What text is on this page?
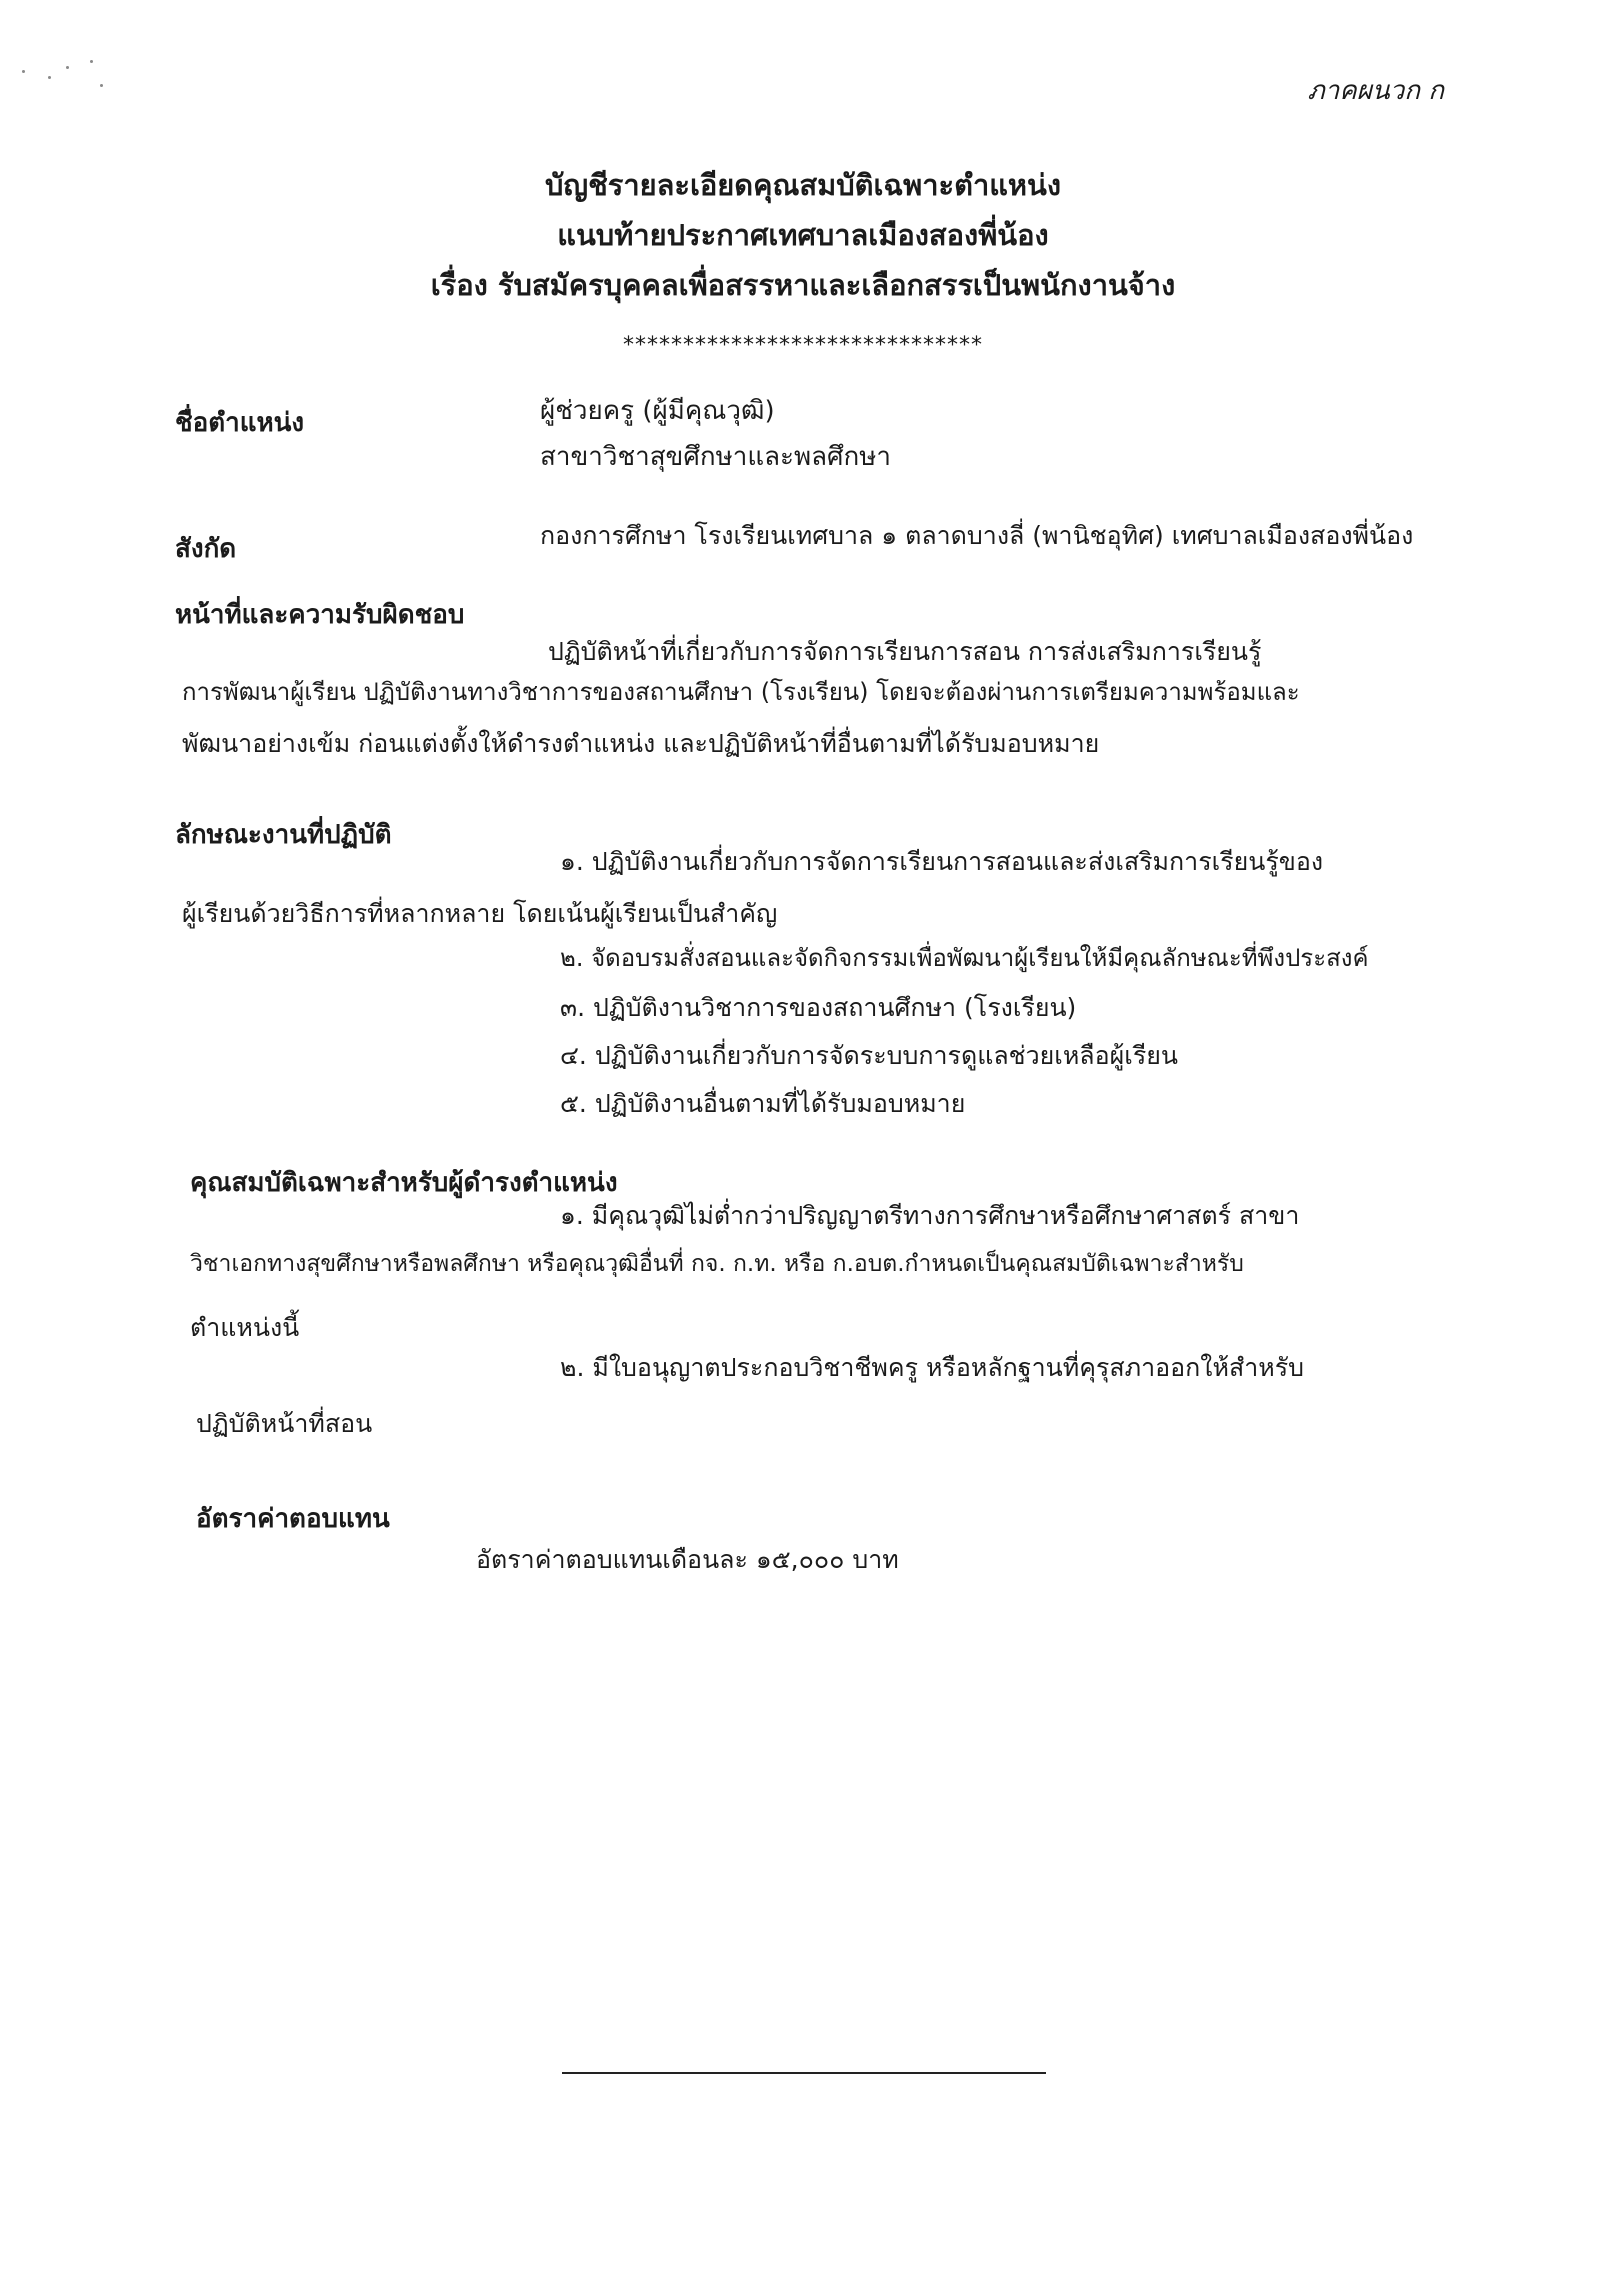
ภาคผนวก ก
บัญชีรายละเอียดคุณสมบัติเฉพาะตำแหน่ง
แนบท้ายประกาศเทศบาลเมืองสองพี่น้อง
เรื่อง รับสมัครบุคคลเพื่อสรรหาและเลือกสรรเป็นพนักงานจ้าง
******************************
ชื่อตำแหน่ง	ผู้ช่วยครู (ผู้มีคุณวุฒิ)
สาขาวิชาสุขศึกษาและพลศึกษา
สังกัด	กองการศึกษา โรงเรียนเทศบาล ๑ ตลาดบางลี่ (พานิชอุทิศ) เทศบาลเมืองสองพี่น้อง
หน้าที่และความรับผิดชอบ
ปฏิบัติหน้าที่เกี่ยวกับการจัดการเรียนการสอน การส่งเสริมการเรียนรู้
การพัฒนาผู้เรียน ปฏิบัติงานทางวิชาการของสถานศึกษา (โรงเรียน) โดยจะต้องผ่านการเตรียมความพร้อมและ
พัฒนาอย่างเข้ม ก่อนแต่งตั้งให้ดำรงตำแหน่ง และปฏิบัติหน้าที่อื่นตามที่ได้รับมอบหมาย
ลักษณะงานที่ปฏิบัติ
๑. ปฏิบัติงานเกี่ยวกับการจัดการเรียนการสอนและส่งเสริมการเรียนรู้ของ
ผู้เรียนด้วยวิธีการที่หลากหลาย โดยเน้นผู้เรียนเป็นสำคัญ
๒. จัดอบรมสั่งสอนและจัดกิจกรรมเพื่อพัฒนาผู้เรียนให้มีคุณลักษณะที่พึงประสงค์
๓. ปฏิบัติงานวิชาการของสถานศึกษา (โรงเรียน)
๔. ปฏิบัติงานเกี่ยวกับการจัดระบบการดูแลช่วยเหลือผู้เรียน
๕. ปฏิบัติงานอื่นตามที่ได้รับมอบหมาย
คุณสมบัติเฉพาะสำหรับผู้ดำรงตำแหน่ง
๑. มีคุณวุฒิไม่ต่ำกว่าปริญญาตรีทางการศึกษาหรือศึกษาศาสตร์ สาขา
วิชาเอกทางสุขศึกษาหรือพลศึกษา หรือคุณวุฒิอื่นที่ กจ. ก.ท. หรือ ก.อบต.กำหนดเป็นคุณสมบัติเฉพาะสำหรับ
ตำแหน่งนี้
๒. มีใบอนุญาตประกอบวิชาชีพครู หรือหลักฐานที่คุรุสภาออกให้สำหรับ
ปฏิบัติหน้าที่สอน
อัตราค่าตอบแทน
อัตราค่าตอบแทนเดือนละ ๑๕,๐๐๐ บาท
